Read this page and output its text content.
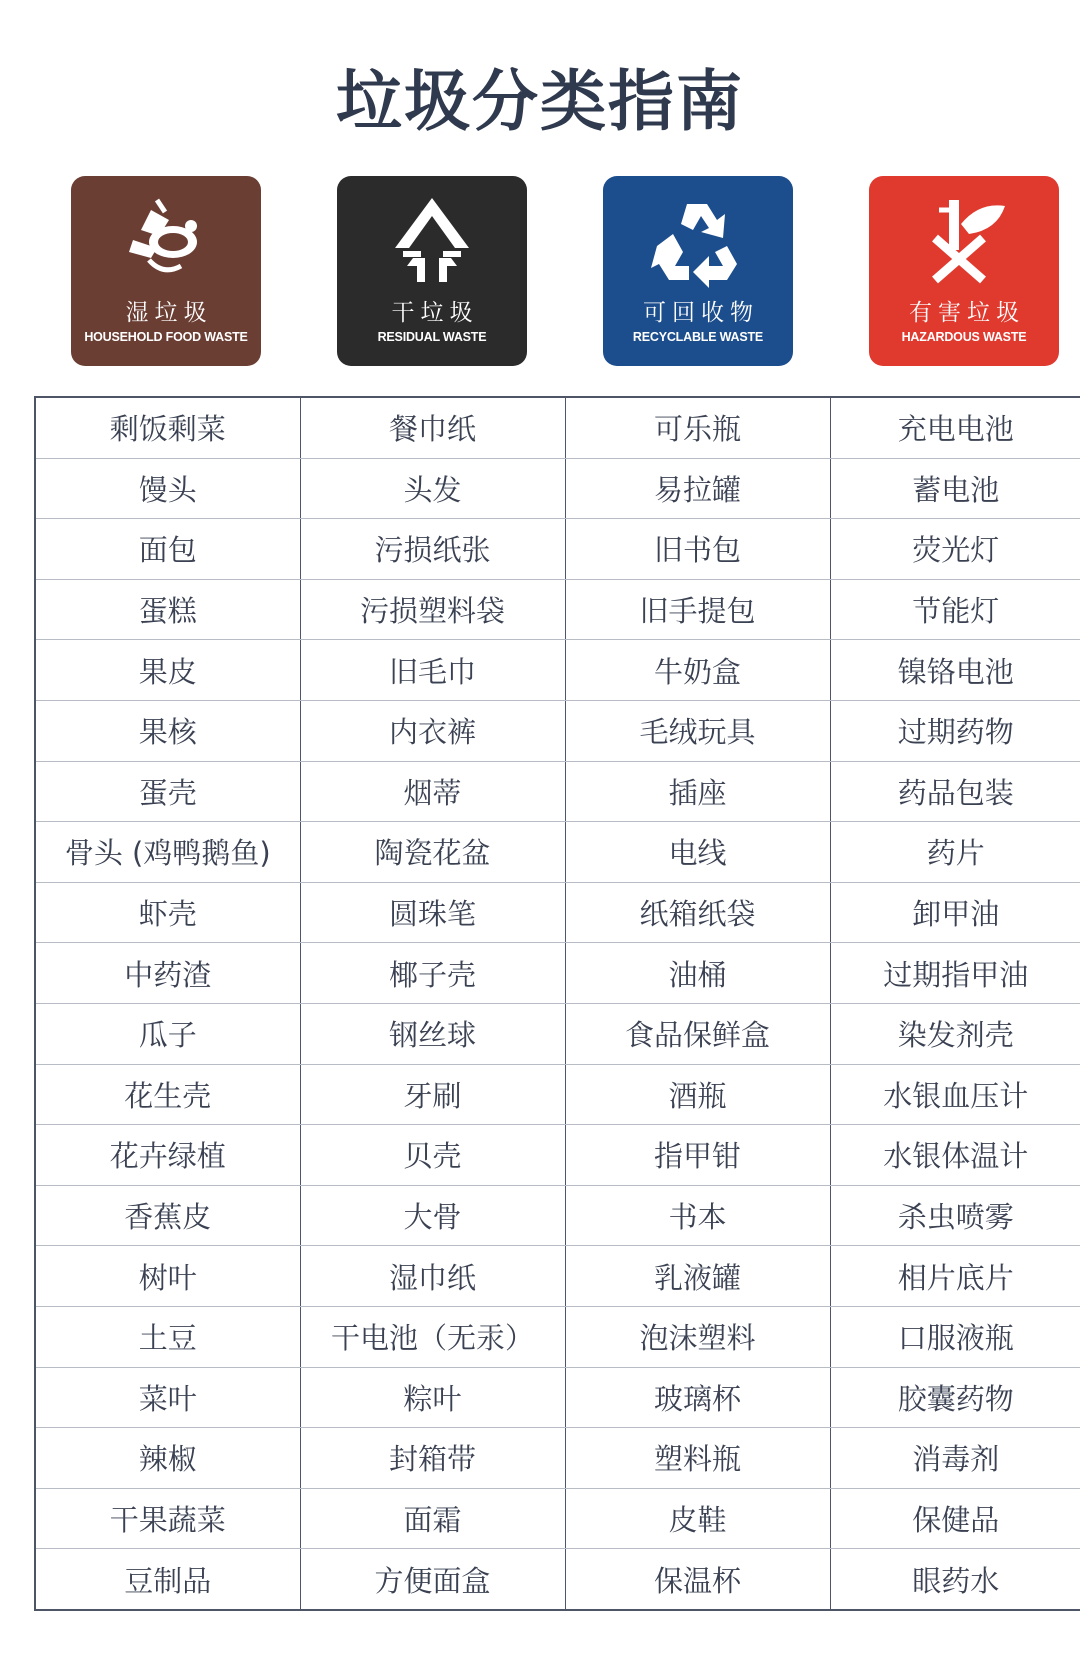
垃圾分类指南
湿垃圾
HOUSEHOLD FOOD WASTE
干垃圾
RESIDUAL WASTE
可回收物
RECYCLABLE WASTE
有害垃圾
HAZARDOUS WASTE
剩饭剩菜	餐巾纸	可乐瓶	充电电池
馒头	头发	易拉罐	蓄电池
面包	污损纸张	旧书包	荧光灯
蛋糕	污损塑料袋	旧手提包	节能灯
果皮	旧毛巾	牛奶盒	镍铬电池
果核	内衣裤	毛绒玩具	过期药物
蛋壳	烟蒂	插座	药品包装
骨头 (鸡鸭鹅鱼)	陶瓷花盆	电线	药片
虾壳	圆珠笔	纸箱纸袋	卸甲油
中药渣	椰子壳	油桶	过期指甲油
瓜子	钢丝球	食品保鲜盒	染发剂壳
花生壳	牙刷	酒瓶	水银血压计
花卉绿植	贝壳	指甲钳	水银体温计
香蕉皮	大骨	书本	杀虫喷雾
树叶	湿巾纸	乳液罐	相片底片
土豆	干电池（无汞）	泡沫塑料	口服液瓶
菜叶	粽叶	玻璃杯	胶囊药物
辣椒	封箱带	塑料瓶	消毒剂
干果蔬菜	面霜	皮鞋	保健品
豆制品	方便面盒	保温杯	眼药水
